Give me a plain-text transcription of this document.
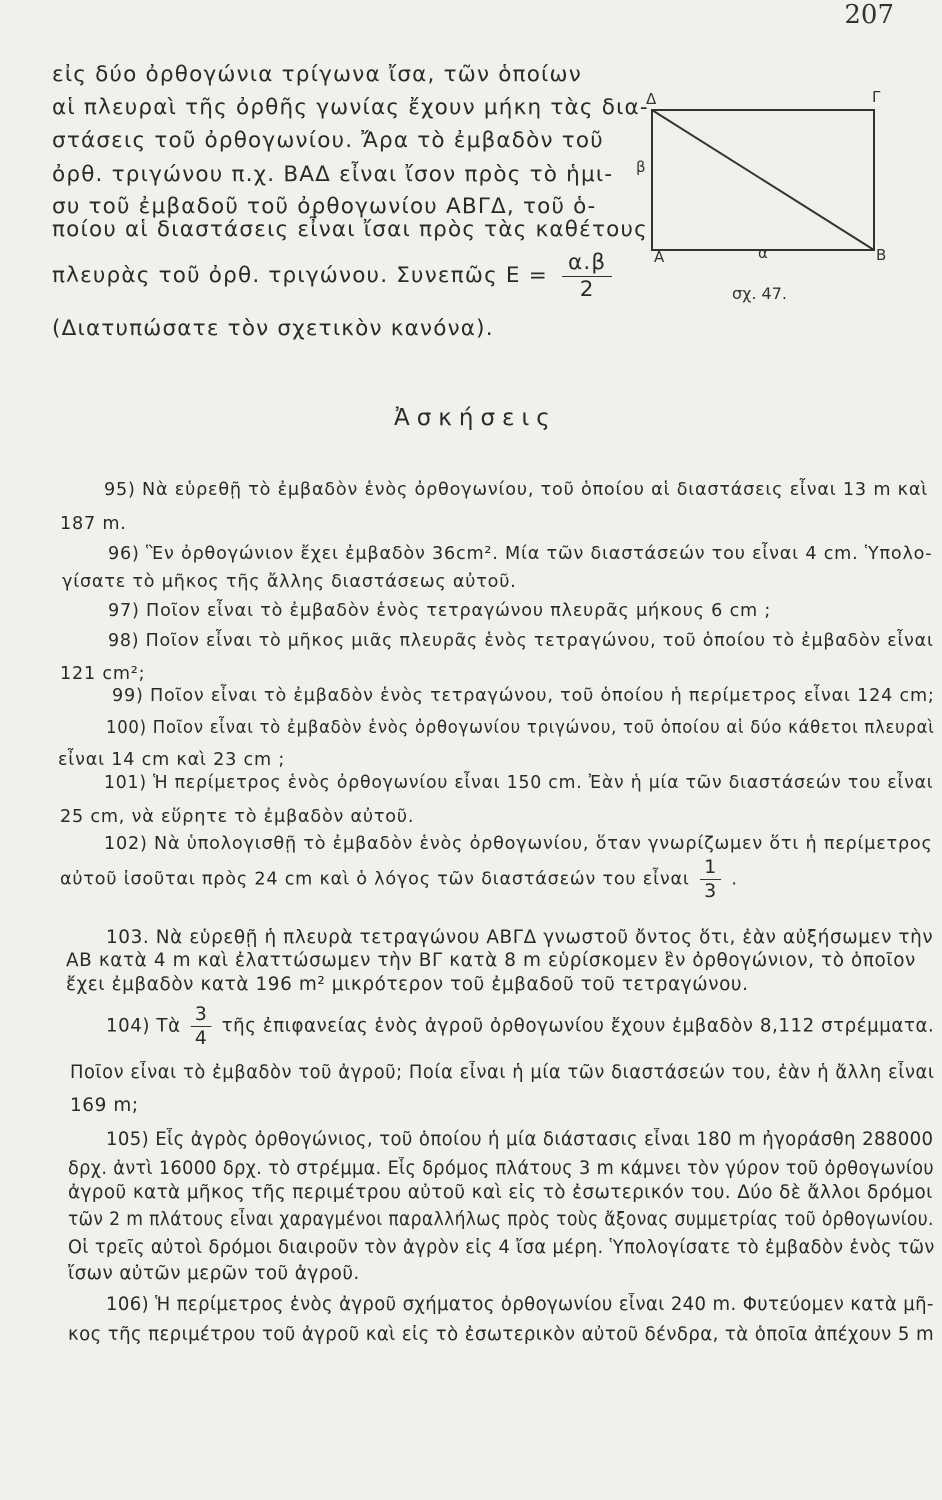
207
εἰς δύο ὀρθογώνια τρίγωνα ἴσα, τῶν ὁποίων
αἱ πλευραὶ τῆς ὀρθῆς γωνίας ἔχουν μήκη τὰς δια-
στάσεις τοῦ ὀρθογωνίου. Ἄρα τὸ ἐμβαδὸν τοῦ
ὀρθ. τριγώνου π.χ. ΒΑΔ εἶναι ἴσον πρὸς τὸ ἡμι-
συ τοῦ ἐμβαδοῦ τοῦ ὀρθογωνίου ΑΒΓΔ, τοῦ ὁ-
ποίου αἱ διαστάσεις εἶναι ἴσαι πρὸς τὰς καθέτους
πλευρὰς τοῦ ὀρθ. τριγώνου. Συνεπῶς $E = \frac{\alpha.\beta}{2}$
(Διατυπώσατε τὸν σχετικὸν κανόνα).
Δ	Γ
Α	Β
β
α
σχ. 47.
Ἀσκήσεις
95) Νὰ εὑρεθῇ τὸ ἐμβαδὸν ἑνὸς ὀρθογωνίου, τοῦ ὁποίου αἱ διαστάσεις εἶναι 13 m καὶ
187 m.
96) Ἓν ὀρθογώνιον ἔχει ἐμβαδὸν 36cm². Μία τῶν διαστάσεών του εἶναι 4 cm. Ὑπολο-
γίσατε τὸ μῆκος τῆς ἄλλης διαστάσεως αὐτοῦ.
97) Ποῖον εἶναι τὸ ἐμβαδὸν ἑνὸς τετραγώνου πλευρᾶς μήκους 6 cm ;
98) Ποῖον εἶναι τὸ μῆκος μιᾶς πλευρᾶς ἑνὸς τετραγώνου, τοῦ ὁποίου τὸ ἐμβαδὸν εἶναι
121 cm²;
99) Ποῖον εἶναι τὸ ἐμβαδὸν ἑνὸς τετραγώνου, τοῦ ὁποίου ἡ περίμετρος εἶναι 124 cm;
100) Ποῖον εἶναι τὸ ἐμβαδὸν ἑνὸς ὀρθογωνίου τριγώνου, τοῦ ὁποίου αἱ δύο κάθετοι πλευραὶ
εἶναι 14 cm καὶ 23 cm ;
101) Ἡ περίμετρος ἑνὸς ὀρθογωνίου εἶναι 150 cm. Ἐὰν ἡ μία τῶν διαστάσεών του εἶναι
25 cm, νὰ εὕρητε τὸ ἐμβαδὸν αὐτοῦ.
102) Νὰ ὑπολογισθῇ τὸ ἐμβαδὸν ἑνὸς ὀρθογωνίου, ὅταν γνωρίζωμεν ὅτι ἡ περίμετρος
αὐτοῦ ἰσοῦται πρὸς 24 cm καὶ ὁ λόγος τῶν διαστάσεών του εἶναι $\frac{1}{3}$ .
103. Νὰ εὑρεθῇ ἡ πλευρὰ τετραγώνου ΑΒΓΔ γνωστοῦ ὄντος ὅτι, ἐὰν αὐξήσωμεν τὴν
ΑΒ κατὰ 4 m καὶ ἐλαττώσωμεν τὴν ΒΓ κατὰ 8 m εὑρίσκομεν ἓν ὀρθογώνιον, τὸ ὁποῖον
ἔχει ἐμβαδὸν κατὰ 196 m² μικρότερον τοῦ ἐμβαδοῦ τοῦ τετραγώνου.
104) Τὰ $\frac{3}{4}$ τῆς ἐπιφανείας ἑνὸς ἀγροῦ ὀρθογωνίου ἔχουν ἐμβαδὸν 8,112 στρέμματα.
Ποῖον εἶναι τὸ ἐμβαδὸν τοῦ ἀγροῦ; Ποία εἶναι ἡ μία τῶν διαστάσεών του, ἐὰν ἡ ἄλλη εἶναι
169 m;
105) Εἷς ἀγρὸς ὀρθογώνιος, τοῦ ὁποίου ἡ μία διάστασις εἶναι 180 m ἠγοράσθη 288000
δρχ. ἀντὶ 16000 δρχ. τὸ στρέμμα. Εἷς δρόμος πλάτους 3 m κάμνει τὸν γύρον τοῦ ὀρθογωνίου
ἀγροῦ κατὰ μῆκος τῆς περιμέτρου αὐτοῦ καὶ εἰς τὸ ἐσωτερικόν του. Δύο δὲ ἄλλοι δρόμοι
τῶν 2 m πλάτους εἶναι χαραγμένοι παραλλήλως πρὸς τοὺς ἄξονας συμμετρίας τοῦ ὀρθογωνίου.
Οἱ τρεῖς αὐτοὶ δρόμοι διαιροῦν τὸν ἀγρὸν εἰς 4 ἴσα μέρη. Ὑπολογίσατε τὸ ἐμβαδὸν ἑνὸς τῶν
ἴσων αὐτῶν μερῶν τοῦ ἀγροῦ.
106) Ἡ περίμετρος ἑνὸς ἀγροῦ σχήματος ὀρθογωνίου εἶναι 240 m. Φυτεύομεν κατὰ μῆ-
κος τῆς περιμέτρου τοῦ ἀγροῦ καὶ εἰς τὸ ἐσωτερικὸν αὐτοῦ δένδρα, τὰ ὁποῖα ἀπέχουν 5 m
